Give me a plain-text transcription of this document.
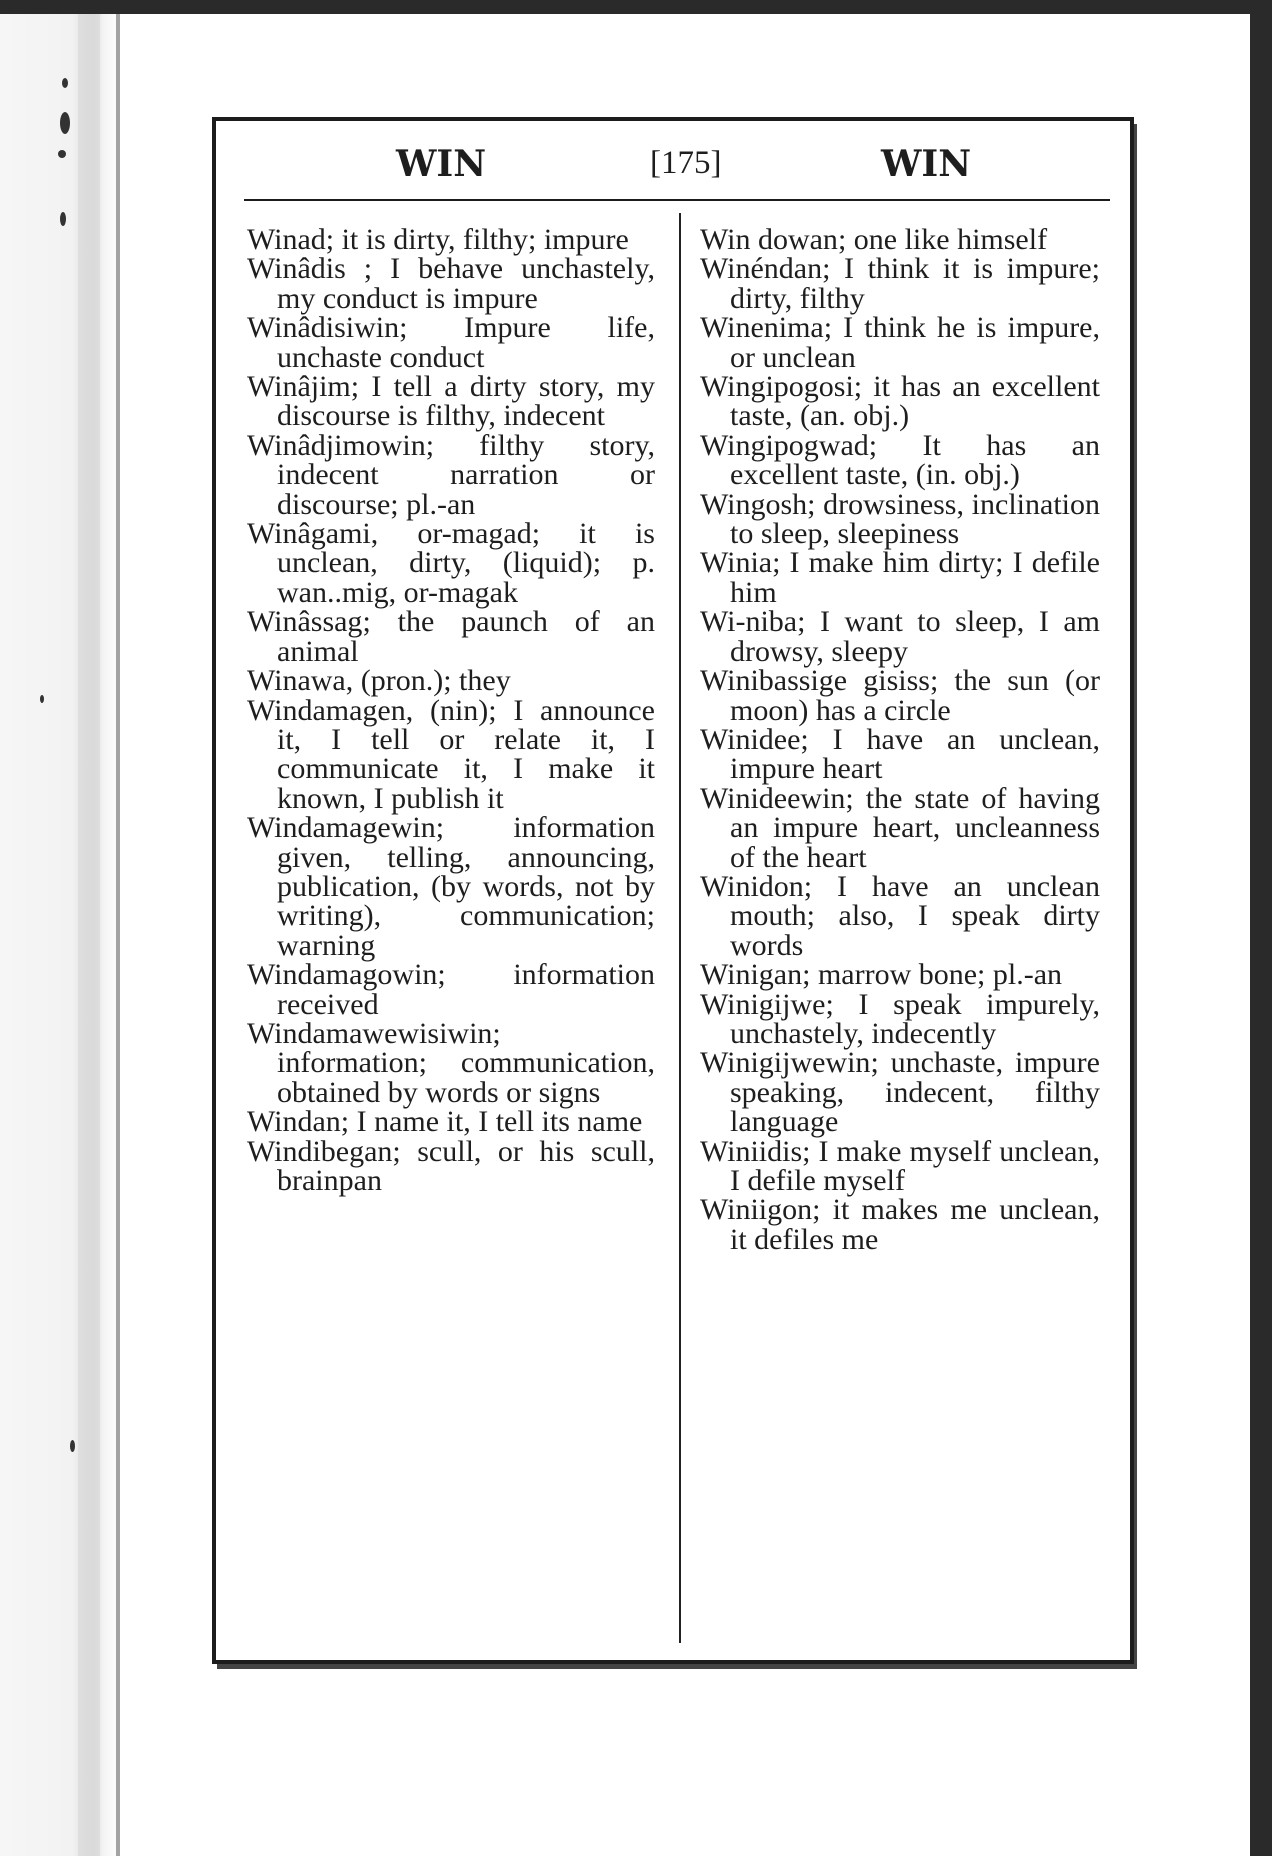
WIN	[175]	WIN

Winad; it is dirty, filthy; impure

Winâdis ; I behave unchastely, my conduct is impure

Winâdisiwin; Impure life, unchaste conduct

Winâjim; I tell a dirty story, my discourse is filthy, indecent

Winâdjimowin; filthy story, indecent narration or discourse; pl.-an

Winâgami, or-magad; it is unclean, dirty, (liquid); p. wan..mig, or-magak

Winâssag; the paunch of an animal

Winawa, (pron.); they

Windamagen, (nin); I announce it, I tell or relate it, I communicate it, I make it known, I publish it

Windamagewin; information given, telling, announcing, publication, (by words, not by writing), communication; warning

Windamagowin; information received

Windamawewisiwin; information; communication, obtained by words or signs

Windan; I name it, I tell its name

Windibegan; scull, or his scull, brainpan

Win dowan; one like himself

Winéndan; I think it is impure; dirty, filthy

Winenima; I think he is impure, or unclean

Wingipogosi; it has an excellent taste, (an. obj.)

Wingipogwad; It has an excellent taste, (in. obj.)

Wingosh; drowsiness, inclination to sleep, sleepiness

Winia; I make him dirty; I defile him

Wi-niba; I want to sleep, I am drowsy, sleepy

Winibassige gisiss; the sun (or moon) has a circle

Winidee; I have an unclean, impure heart

Winideewin; the state of having an impure heart, uncleanness of the heart

Winidon; I have an unclean mouth; also, I speak dirty words

Winigan; marrow bone; pl.-an

Winigijwe; I speak impurely, unchastely, indecently

Winigijwewin; unchaste, impure speaking, indecent, filthy language

Winiidis; I make myself unclean, I defile myself

Winiigon; it makes me unclean, it defiles me
